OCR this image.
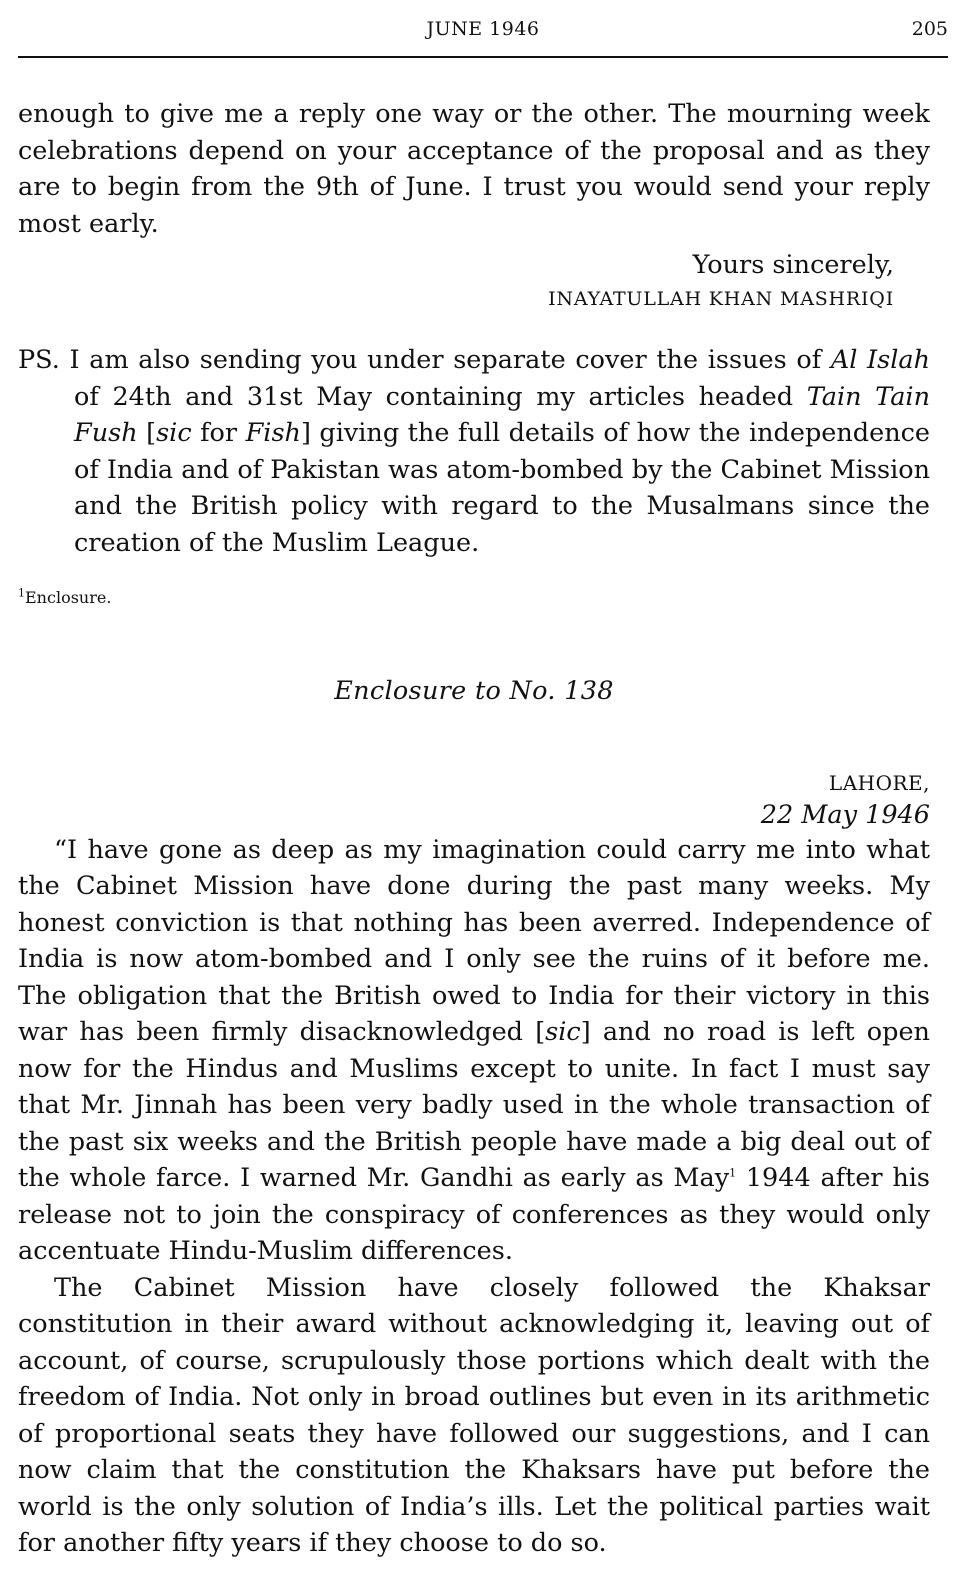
JUNE 1946	205

enough to give me a reply one way or the other. The mourning week celebrations depend on your acceptance of the proposal and as they are to begin from the 9th of June. I trust you would send your reply most early.

Yours sincerely,
INAYATULLAH KHAN MASHRIQI

PS. I am also sending you under separate cover the issues of Al Islah of 24th and 31st May containing my articles headed Tain Tain Fush [sic for Fish] giving the full details of how the independence of India and of Pakistan was atom-bombed by the Cabinet Mission and the British policy with regard to the Musalmans since the creation of the Muslim League.

$^1$Enclosure.
Enclosure to No. 138
LAHORE,
22 May 1946

“I have gone as deep as my imagination could carry me into what the Cabinet Mission have done during the past many weeks. My honest conviction is that nothing has been averred. Independence of India is now atom-bombed and I only see the ruins of it before me. The obligation that the British owed to India for their victory in this war has been firmly disacknowledged [sic] and no road is left open now for the Hindus and Muslims except to unite. In fact I must say that Mr. Jinnah has been very badly used in the whole transaction of the past six weeks and the British people have made a big deal out of the whole farce. I warned Mr. Gandhi as early as May$^1$ 1944 after his release not to join the conspiracy of conferences as they would only accentuate Hindu-Muslim differences.

The Cabinet Mission have closely followed the Khaksar constitution in their award without acknowledging it, leaving out of account, of course, scrupulously those portions which dealt with the freedom of India. Not only in broad outlines but even in its arithmetic of proportional seats they have followed our suggestions, and I can now claim that the constitution the Khaksars have put before the world is the only solution of India’s ills. Let the political parties wait for another fifty years if they choose to do so.
